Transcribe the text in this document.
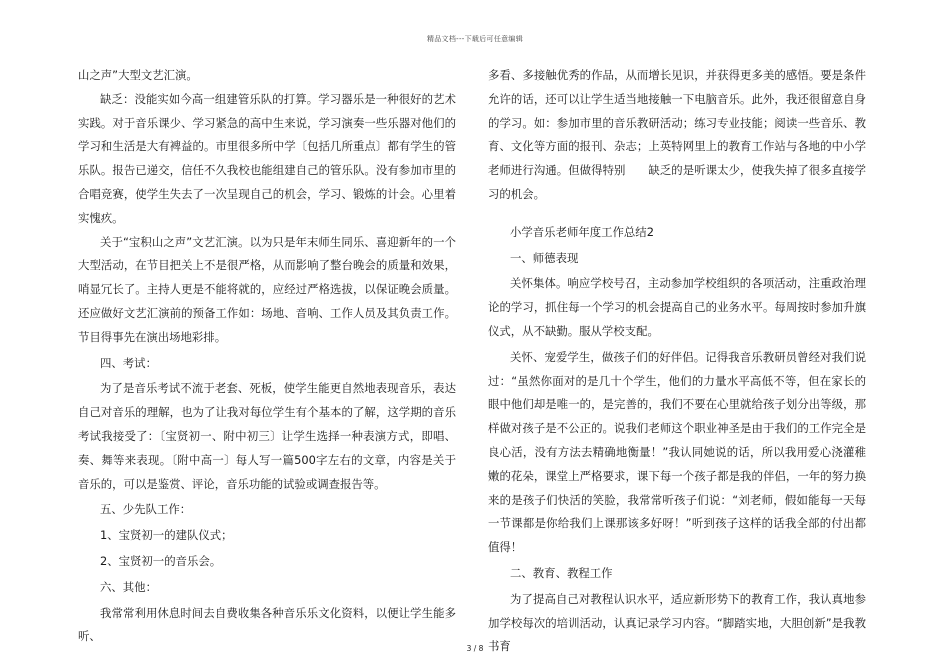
精品文档---下载后可任意编辑

山之声”大型文艺汇演。

缺乏：没能实如今高一组建管乐队的打算。学习器乐是一种很好的艺术实践。对于音乐课少、学习紧急的高中生来说，学习演奏一些乐器对他们的学习和生活是大有裨益的。市里很多所中学〔包括几所重点〕都有学生的管乐队。报告已递交，信任不久我校也能组建自己的管乐队。没有参加市里的合唱竞赛，使学生失去了一次呈现自己的机会，学习、锻炼的计会。心里着实愧疚。

关于“宝积山之声”文艺汇演。以为只是年末师生同乐、喜迎新年的一个大型活动，在节目把关上不是很严格，从而影响了整台晚会的质量和效果，哨显冗长了。主持人更是不能将就的，应经过严格选拔，以保证晚会质量。还应做好文艺汇演前的预备工作如：场地、音响、工作人员及其负责工作。节目得事先在演出场地彩排。

四、考试：

为了是音乐考试不流于老套、死板，使学生能更自然地表现音乐，表达自己对音乐的理解，也为了让我对每位学生有个基本的了解，这学期的音乐考试我接受了：〔宝贤初一、附中初三〕让学生选择一种表演方式，即唱、奏、舞等来表现。〔附中高一〕每人写一篇500字左右的文章，内容是关于音乐的，可以是鉴赏、评论，音乐功能的试验或调查报告等。

五、少先队工作：

1、宝贤初一的建队仪式；

2、宝贤初一的音乐会。

六、其他：

我常常利用休息时间去自费收集各种音乐乐文化资料，以便让学生能多听、

多看、多接触优秀的作品，从而增长见识，并获得更多美的感悟。要是条件允许的话，还可以让学生适当地接触一下电脑音乐。此外，我还很留意自身的学习。如：参加市里的音乐教研活动；练习专业技能；阅读一些音乐、教育、文化等方面的报刊、杂志；上英特网里上的教育工作站与各地的中小学老师进行沟通。但做得特别　　缺乏的是听课太少，使我失掉了很多直接学习的机会。

小学音乐老师年度工作总结2

一、师德表现

关怀集体。响应学校号召，主动参加学校组织的各项活动，注重政治理论的学习，抓住每一个学习的机会提高自己的业务水平。每周按时参加升旗仪式，从不缺勤。服从学校支配。

关怀、宠爱学生，做孩子们的好伴侣。记得我音乐教研员曾经对我们说过：“虽然你面对的是几十个学生，他们的力量水平高低不等，但在家长的眼中他们却是唯一的，是完善的，我们不要在心里就给孩子划分出等级，那样做对孩子是不公正的。说我们老师这个职业神圣是由于我们的工作完全是良心活，没有方法去精确地衡量！”我认同她说的话，所以我用爱心浇灌稚嫩的花朵，课堂上严格要求，课下每一个孩子都是我的伴侣，一年的努力换来的是孩子们快活的笑脸，我常常听孩子们说：“刘老师，假如能每一天每一节课都是你给我们上课那该多好呀！”听到孩子这样的话我全部的付出都值得！

二、教育、教程工作

为了提高自己对教程认识水平，适应新形势下的教育工作，我认真地参加学校每次的培训活动，认真记录学习内容。“脚踏实地，大胆创新”是我教书育

3 / 8
